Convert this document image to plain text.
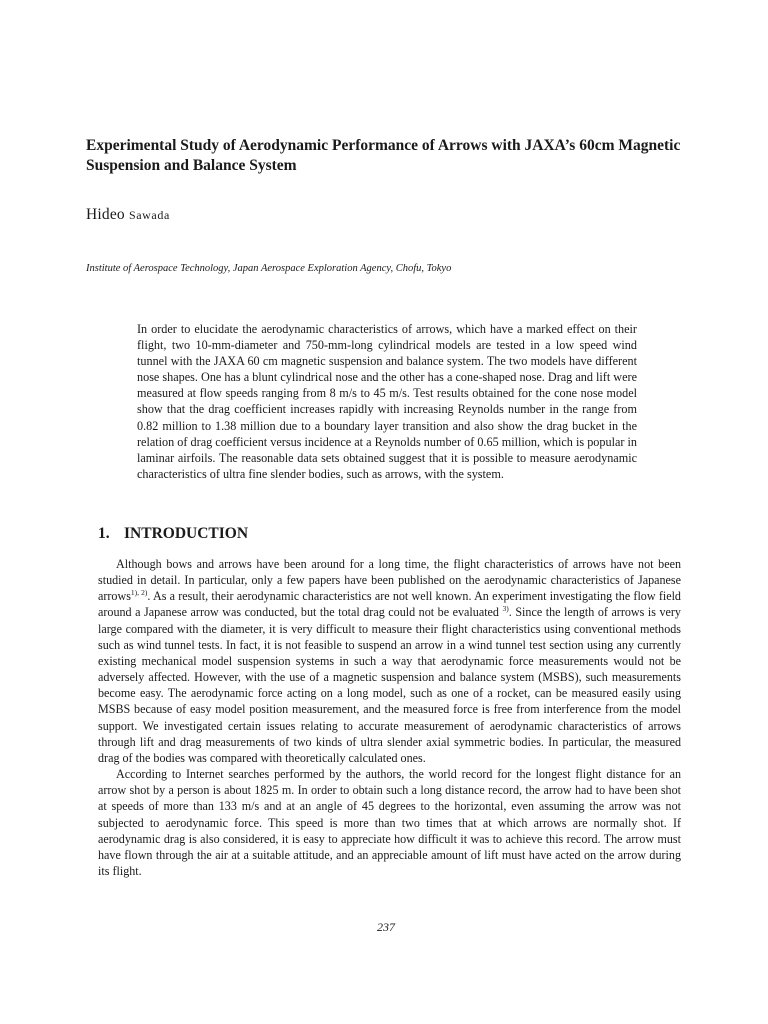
Experimental Study of Aerodynamic Performance of Arrows with JAXA’s 60cm Magnetic Suspension and Balance System
Hideo Sawada
Institute of Aerospace Technology, Japan Aerospace Exploration Agency, Chofu, Tokyo

In order to elucidate the aerodynamic characteristics of arrows, which have a marked effect on their flight, two 10-mm-diameter and 750-mm-long cylindrical models are tested in a low speed wind tunnel with the JAXA 60 cm magnetic suspension and balance system. The two models have different nose shapes. One has a blunt cylindrical nose and the other has a cone-shaped nose. Drag and lift were measured at flow speeds ranging from 8 m/s to 45 m/s. Test results obtained for the cone nose model show that the drag coefficient increases rapidly with increasing Reynolds number in the range from 0.82 million to 1.38 million due to a boundary layer transition and also show the drag bucket in the relation of drag coefficient versus incidence at a Reynolds number of 0.65 million, which is popular in laminar airfoils. The reasonable data sets obtained suggest that it is possible to measure aerodynamic characteristics of ultra fine slender bodies, such as arrows, with the system.

1. INTRODUCTION

Although bows and arrows have been around for a long time, the flight characteristics of arrows have not been studied in detail. In particular, only a few papers have been published on the aerodynamic characteristics of Japanese arrows$^{1), 2)}$. As a result, their aerodynamic characteristics are not well known. An experiment investigating the flow field around a Japanese arrow was conducted, but the total drag could not be evaluated $^{3)}$. Since the length of arrows is very large compared with the diameter, it is very difficult to measure their flight characteristics using conventional methods such as wind tunnel tests. In fact, it is not feasible to suspend an arrow in a wind tunnel test section using any currently existing mechanical model suspension systems in such a way that aerodynamic force measurements would not be adversely affected. However, with the use of a magnetic suspension and balance system (MSBS), such measurements become easy. The aerodynamic force acting on a long model, such as one of a rocket, can be measured easily using MSBS because of easy model position measurement, and the measured force is free from interference from the model support. We investigated certain issues relating to accurate measurement of aerodynamic characteristics of arrows through lift and drag measurements of two kinds of ultra slender axial symmetric bodies. In particular, the measured drag of the bodies was compared with theoretically calculated ones.

According to Internet searches performed by the authors, the world record for the longest flight distance for an arrow shot by a person is about 1825 m. In order to obtain such a long distance record, the arrow had to have been shot at speeds of more than 133 m/s and at an angle of 45 degrees to the horizontal, even assuming the arrow was not subjected to aerodynamic force. This speed is more than two times that at which arrows are normally shot. If aerodynamic drag is also considered, it is easy to appreciate how difficult it was to achieve this record. The arrow must have flown through the air at a suitable attitude, and an appreciable amount of lift must have acted on the arrow during its flight.

237
